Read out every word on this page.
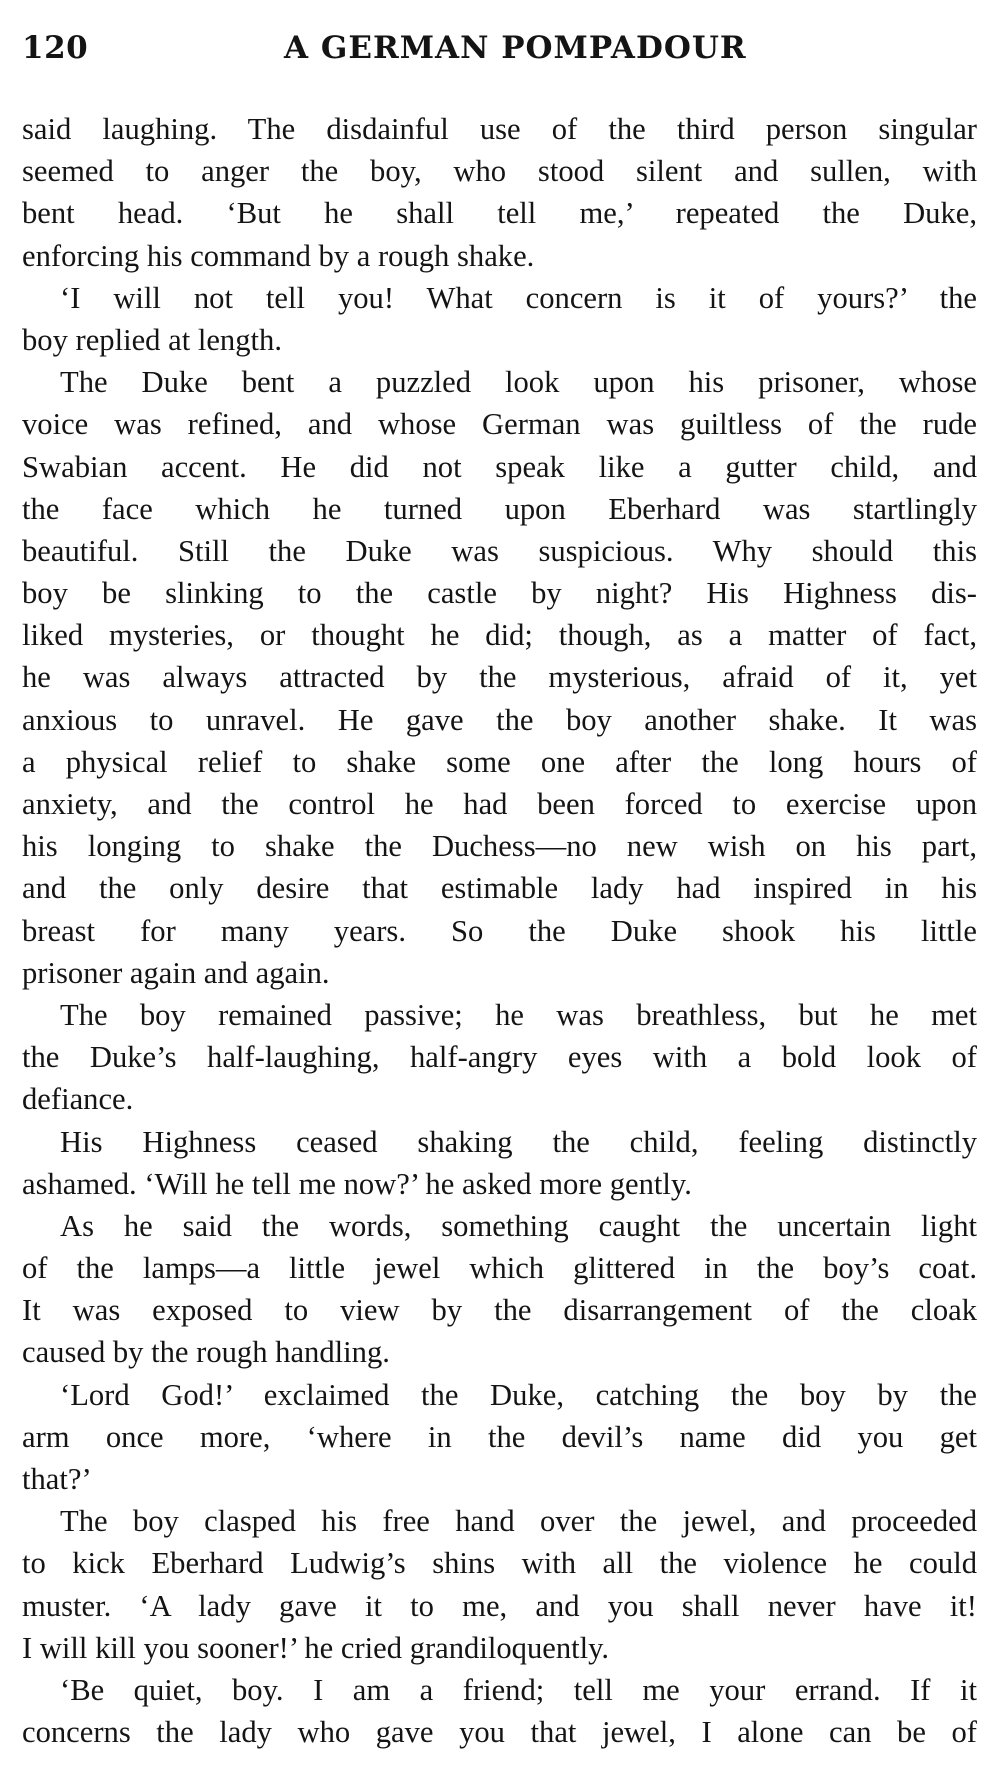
120	A GERMAN POMPADOUR
said laughing. The disdainful use of the third person singular
seemed to anger the boy, who stood silent and sullen, with
bent head. ‘But he shall tell me,’ repeated the Duke,
enforcing his command by a rough shake.
‘I will not tell you! What concern is it of yours?’ the
boy replied at length.
The Duke bent a puzzled look upon his prisoner, whose
voice was refined, and whose German was guiltless of the rude
Swabian accent. He did not speak like a gutter child, and
the face which he turned upon Eberhard was startlingly
beautiful. Still the Duke was suspicious. Why should this
boy be slinking to the castle by night? His Highness dis-
liked mysteries, or thought he did; though, as a matter of fact,
he was always attracted by the mysterious, afraid of it, yet
anxious to unravel. He gave the boy another shake. It was
a physical relief to shake some one after the long hours of
anxiety, and the control he had been forced to exercise upon
his longing to shake the Duchess—no new wish on his part,
and the only desire that estimable lady had inspired in his
breast for many years. So the Duke shook his little
prisoner again and again.
The boy remained passive; he was breathless, but he met
the Duke’s half-laughing, half-angry eyes with a bold look of
defiance.
His Highness ceased shaking the child, feeling distinctly
ashamed. ‘Will he tell me now?’ he asked more gently.
As he said the words, something caught the uncertain light
of the lamps—a little jewel which glittered in the boy’s coat.
It was exposed to view by the disarrangement of the cloak
caused by the rough handling.
‘Lord God!’ exclaimed the Duke, catching the boy by the
arm once more, ‘where in the devil’s name did you get
that?’
The boy clasped his free hand over the jewel, and proceeded
to kick Eberhard Ludwig’s shins with all the violence he could
muster. ‘A lady gave it to me, and you shall never have it!
I will kill you sooner!’ he cried grandiloquently.
‘Be quiet, boy. I am a friend; tell me your errand. If it
concerns the lady who gave you that jewel, I alone can be of
